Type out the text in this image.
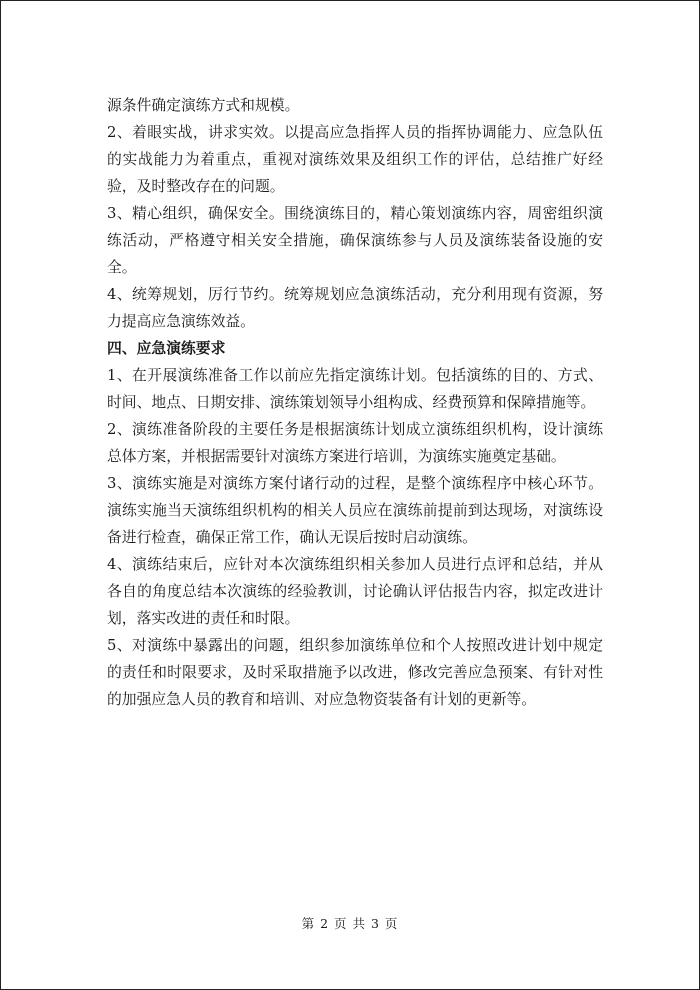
源条件确定演练方式和规模。

2、着眼实战，讲求实效。以提高应急指挥人员的指挥协调能力、应急队伍的实战能力为着重点，重视对演练效果及组织工作的评估，总结推广好经验，及时整改存在的问题。

3、精心组织，确保安全。围绕演练目的，精心策划演练内容，周密组织演练活动，严格遵守相关安全措施，确保演练参与人员及演练装备设施的安全。

4、统筹规划，厉行节约。统筹规划应急演练活动，充分利用现有资源，努力提高应急演练效益。

四、应急演练要求

1、在开展演练准备工作以前应先指定演练计划。包括演练的目的、方式、时间、地点、日期安排、演练策划领导小组构成、经费预算和保障措施等。

2、演练准备阶段的主要任务是根据演练计划成立演练组织机构，设计演练总体方案，并根据需要针对演练方案进行培训，为演练实施奠定基础。

3、演练实施是对演练方案付诸行动的过程，是整个演练程序中核心环节。演练实施当天演练组织机构的相关人员应在演练前提前到达现场，对演练设备进行检查，确保正常工作，确认无误后按时启动演练。

4、演练结束后，应针对本次演练组织相关参加人员进行点评和总结，并从各自的角度总结本次演练的经验教训，讨论确认评估报告内容，拟定改进计划，落实改进的责任和时限。

5、对演练中暴露出的问题，组织参加演练单位和个人按照改进计划中规定的责任和时限要求，及时采取措施予以改进，修改完善应急预案、有针对性的加强应急人员的教育和培训、对应急物资装备有计划的更新等。

第 2 页 共 3 页
